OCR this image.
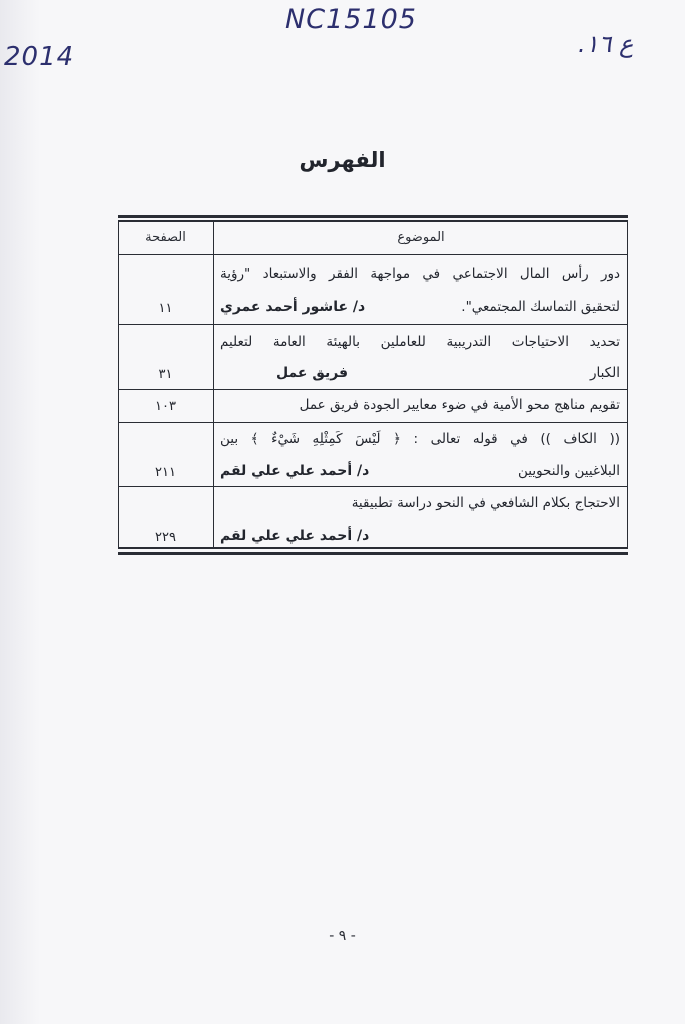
NC15105
2014	ع ١٦.
الفهرس
الموضوع
الصفحة
دور رأس المال الاجتماعي في مواجهة الفقر والاستبعاد "رؤية
لتحقيق التماسك المجتمعي".
د/ عاشور أحمد عمري
١١
تحديد الاحتياجات التدريبية للعاملين بالهيئة العامة لتعليم
الكبار
فريق عمل
٣١
تقويم مناهج محو الأمية في ضوء معايير الجودة فريق عمل
١٠٣
(( الكاف )) في قوله تعالى : ﴿ لَيْسَ كَمِثْلِهِ شَيْءٌ ﴾ بين
البلاغيين والنحويين
د/ أحمد علي علي لقم
٢١١
الاحتجاج بكلام الشافعي في النحو دراسة تطبيقية
د/ أحمد علي علي لقم
٢٢٩
- ٩ -
